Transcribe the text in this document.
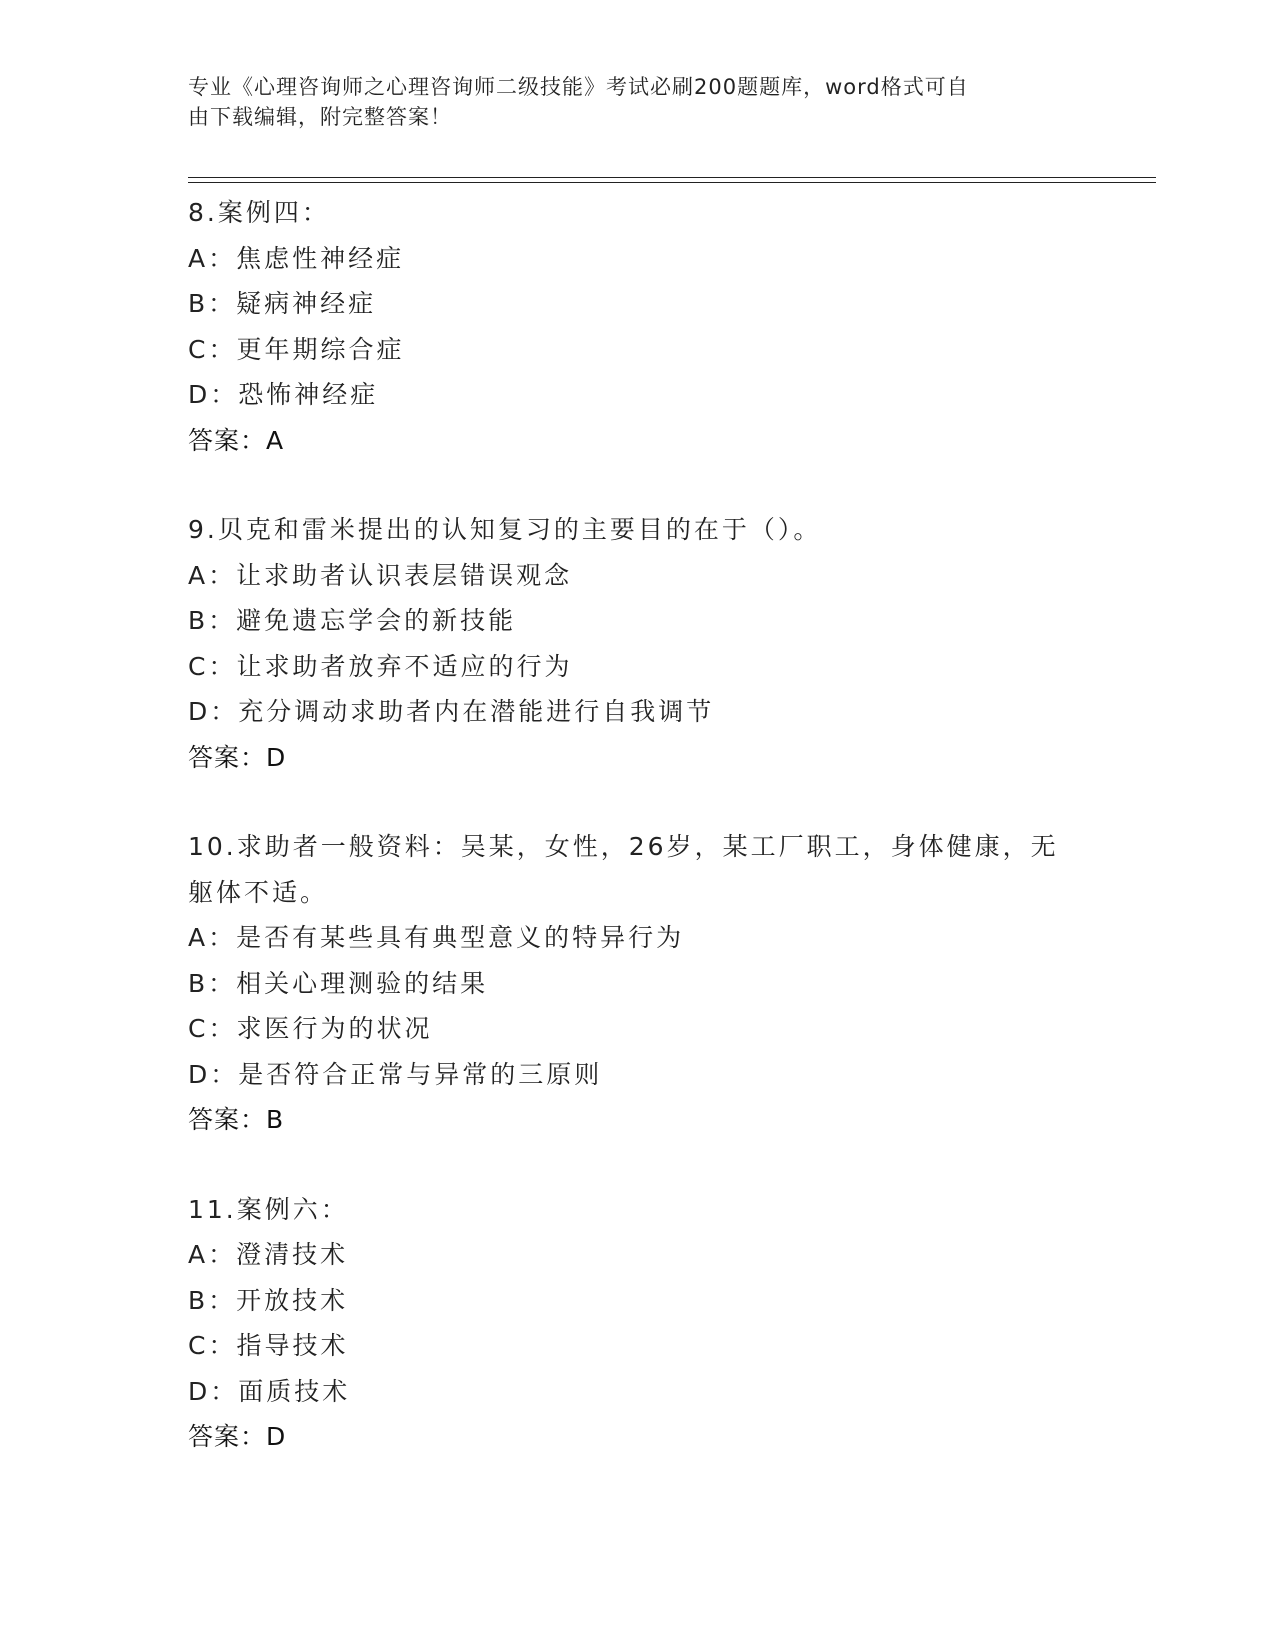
专业《心理咨询师之心理咨询师二级技能》考试必刷200题题库，word格式可自
由下载编辑，附完整答案！
8.案例四：
A：焦虑性神经症
B：疑病神经症
C：更年期综合症
D：恐怖神经症
答案：A
9.贝克和雷米提出的认知复习的主要目的在于（）。
A：让求助者认识表层错误观念
B：避免遗忘学会的新技能
C：让求助者放弃不适应的行为
D：充分调动求助者内在潜能进行自我调节
答案：D
10.求助者一般资料：吴某，女性，26岁，某工厂职工，身体健康，无
躯体不适。
A：是否有某些具有典型意义的特异行为
B：相关心理测验的结果
C：求医行为的状况
D：是否符合正常与异常的三原则
答案：B
11.案例六：
A：澄清技术
B：开放技术
C：指导技术
D：面质技术
答案：D
